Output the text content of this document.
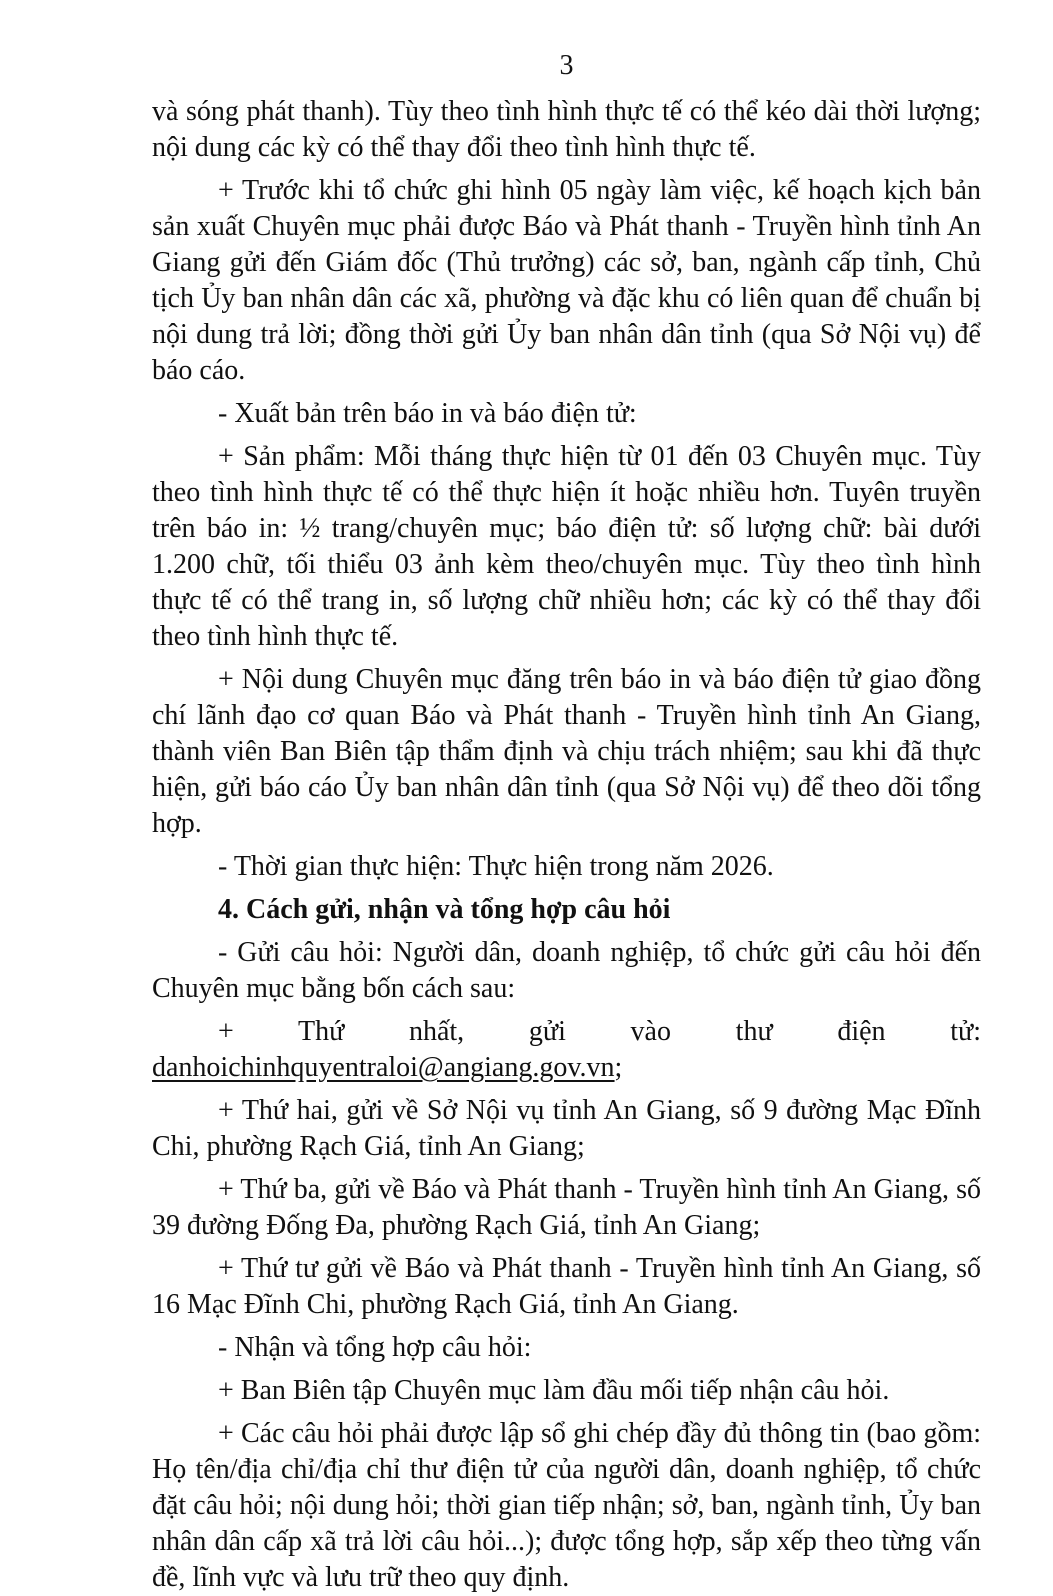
3

và sóng phát thanh). Tùy theo tình hình thực tế có thể kéo dài thời lượng; nội dung các kỳ có thể thay đổi theo tình hình thực tế.

+ Trước khi tổ chức ghi hình 05 ngày làm việc, kế hoạch kịch bản sản xuất Chuyên mục phải được Báo và Phát thanh - Truyền hình tỉnh An Giang gửi đến Giám đốc (Thủ trưởng) các sở, ban, ngành cấp tỉnh, Chủ tịch Ủy ban nhân dân các xã, phường và đặc khu có liên quan để chuẩn bị nội dung trả lời; đồng thời gửi Ủy ban nhân dân tỉnh (qua Sở Nội vụ) để báo cáo.

- Xuất bản trên báo in và báo điện tử:

+ Sản phẩm: Mỗi tháng thực hiện từ 01 đến 03 Chuyên mục. Tùy theo tình hình thực tế có thể thực hiện ít hoặc nhiều hơn. Tuyên truyền trên báo in: ½ trang/chuyên mục; báo điện tử: số lượng chữ: bài dưới 1.200 chữ, tối thiểu 03 ảnh kèm theo/chuyên mục. Tùy theo tình hình thực tế có thể trang in, số lượng chữ nhiều hơn; các kỳ có thể thay đổi theo tình hình thực tế.

+ Nội dung Chuyên mục đăng trên báo in và báo điện tử giao đồng chí lãnh đạo cơ quan Báo và Phát thanh - Truyền hình tỉnh An Giang, thành viên Ban Biên tập thẩm định và chịu trách nhiệm; sau khi đã thực hiện, gửi báo cáo Ủy ban nhân dân tỉnh (qua Sở Nội vụ) để theo dõi tổng hợp.

- Thời gian thực hiện: Thực hiện trong năm 2026.

4. Cách gửi, nhận và tổng hợp câu hỏi

- Gửi câu hỏi: Người dân, doanh nghiệp, tổ chức gửi câu hỏi đến Chuyên mục bằng bốn cách sau:

+ Thứ nhất, gửi vào thư điện tử: danhoichinhquyentraloi@angiang.gov.vn;

+ Thứ hai, gửi về Sở Nội vụ tỉnh An Giang, số 9 đường Mạc Đĩnh Chi, phường Rạch Giá, tỉnh An Giang;

+ Thứ ba, gửi về Báo và Phát thanh - Truyền hình tỉnh An Giang, số 39 đường Đống Đa, phường Rạch Giá, tỉnh An Giang;

+ Thứ tư gửi về Báo và Phát thanh - Truyền hình tỉnh An Giang, số 16 Mạc Đĩnh Chi, phường Rạch Giá, tỉnh An Giang.

- Nhận và tổng hợp câu hỏi:

+ Ban Biên tập Chuyên mục làm đầu mối tiếp nhận câu hỏi.

+ Các câu hỏi phải được lập sổ ghi chép đầy đủ thông tin (bao gồm: Họ tên/địa chỉ/địa chỉ thư điện tử của người dân, doanh nghiệp, tổ chức đặt câu hỏi; nội dung hỏi; thời gian tiếp nhận; sở, ban, ngành tỉnh, Ủy ban nhân dân cấp xã trả lời câu hỏi...); được tổng hợp, sắp xếp theo từng vấn đề, lĩnh vực và lưu trữ theo quy định.
